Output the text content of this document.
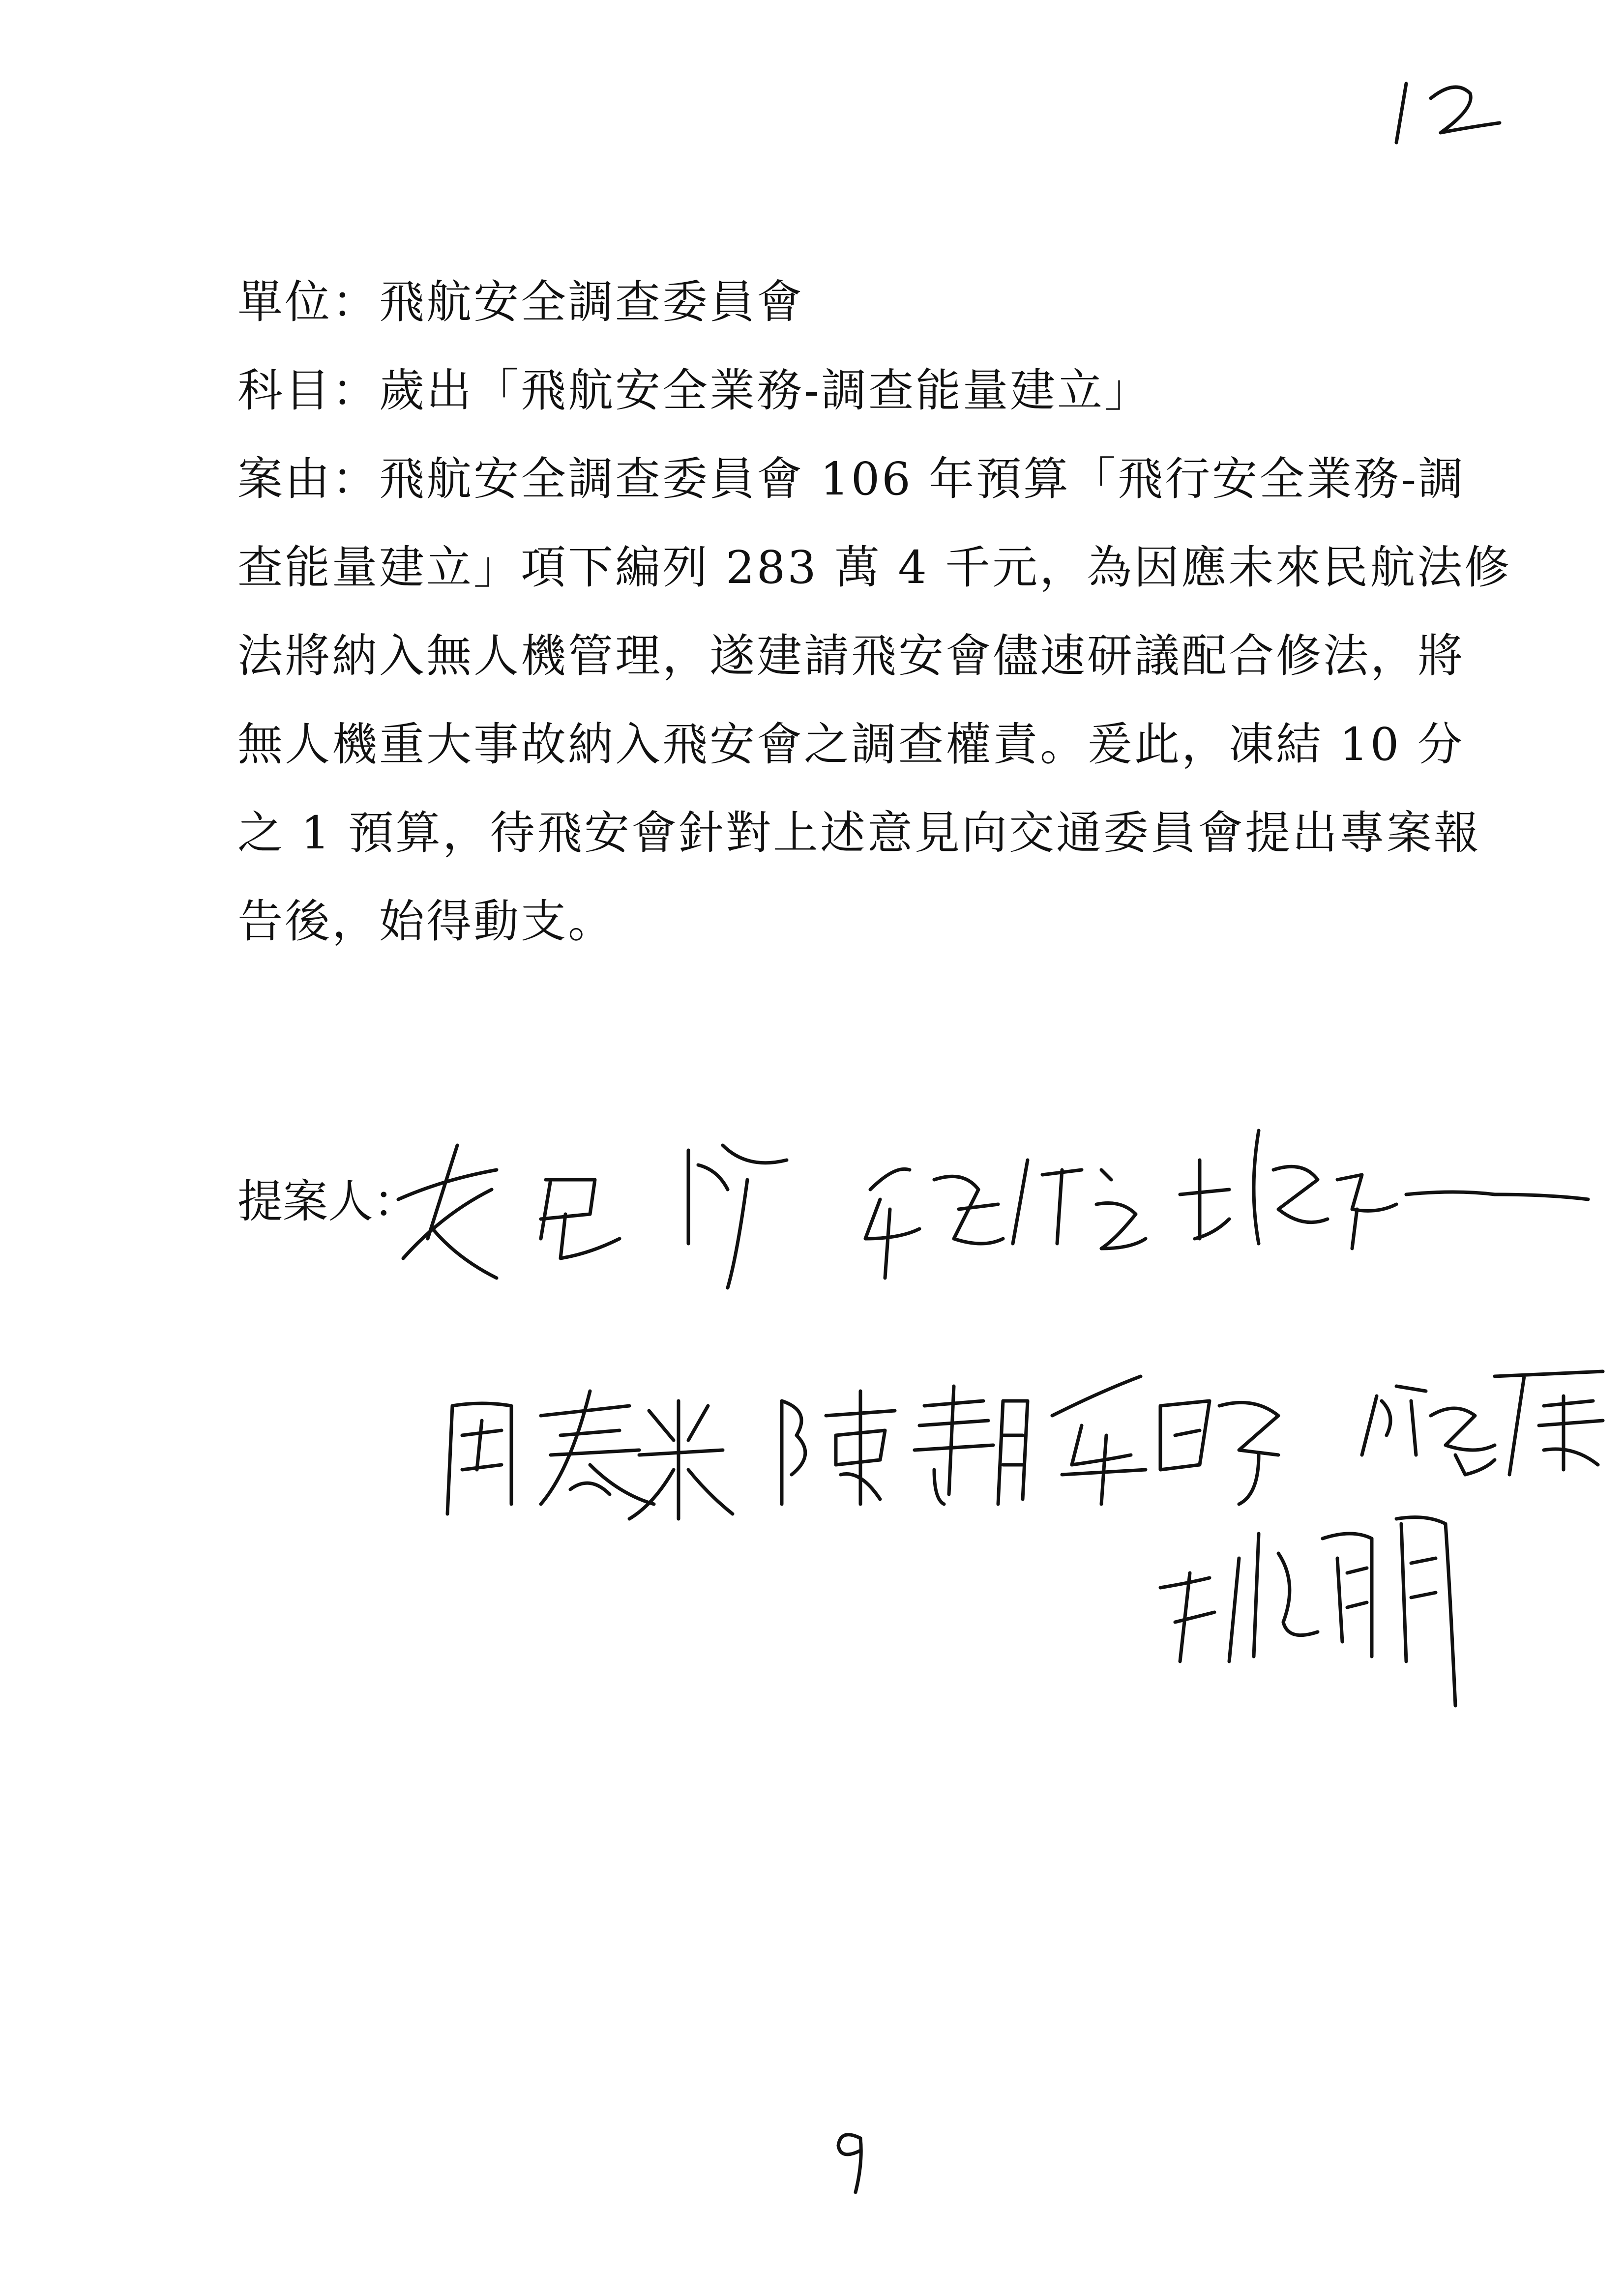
單位：飛航安全調查委員會
科目：歲出「飛航安全業務-調查能量建立」
案由：飛航安全調查委員會 106 年預算「飛行安全業務-調
查能量建立」項下編列 283 萬 4 千元，為因應未來民航法修
法將納入無人機管理，遂建請飛安會儘速研議配合修法，將
無人機重大事故納入飛安會之調查權責。爰此，凍結 10 分
之 1 預算，待飛安會針對上述意見向交通委員會提出專案報
告後，始得動支。
提案人：
